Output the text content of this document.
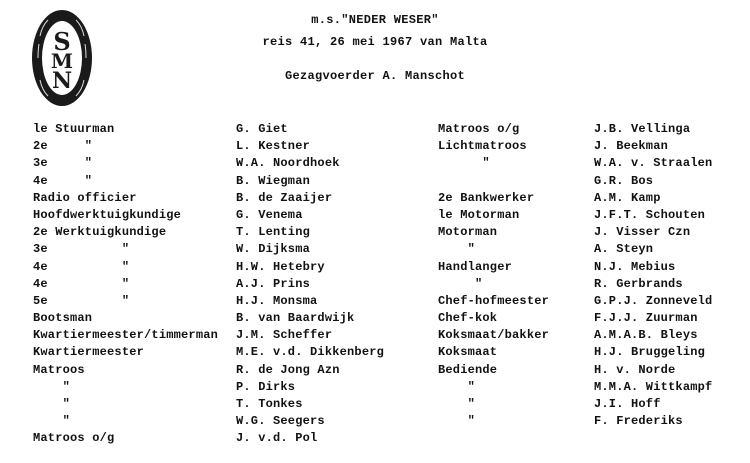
S
M
N
m.s."NEDER WESER"
reis 41, 26 mei 1967 van Malta
Gezagvoerder A. Manschot
le Stuurman
2e     "
3e     "
4e     "
Radio officier
Hoofdwerktuigkundige
2e Werktuigkundige
3e          "
4e          "
4e          "
5e          "
Bootsman
Kwartiermeester/timmerman
Kwartiermeester
Matroos
"
"
"
Matroos o/g
G. Giet
L. Kestner
W.A. Noordhoek
B. Wiegman
B. de Zaaijer
G. Venema
T. Lenting
W. Dijksma
H.W. Hetebry
A.J. Prins
H.J. Monsma
B. van Baardwijk
J.M. Scheffer
M.E. v.d. Dikkenberg
R. de Jong Azn
P. Dirks
T. Tonkes
W.G. Seegers
J. v.d. Pol
Matroos o/g
Lichtmatroos
"
2e Bankwerker
le Motorman
Motorman
"
Handlanger
"
Chef-hofmeester
Chef-kok
Koksmaat/bakker
Koksmaat
Bediende
"
"
"
J.B. Vellinga
J. Beekman
W.A. v. Straalen
G.R. Bos
A.M. Kamp
J.F.T. Schouten
J. Visser Czn
A. Steyn
N.J. Mebius
R. Gerbrands
G.P.J. Zonneveld
F.J.J. Zuurman
A.M.A.B. Bleys
H.J. Bruggeling
H. v. Norde
M.M.A. Wittkampf
J.I. Hoff
F. Frederiks
